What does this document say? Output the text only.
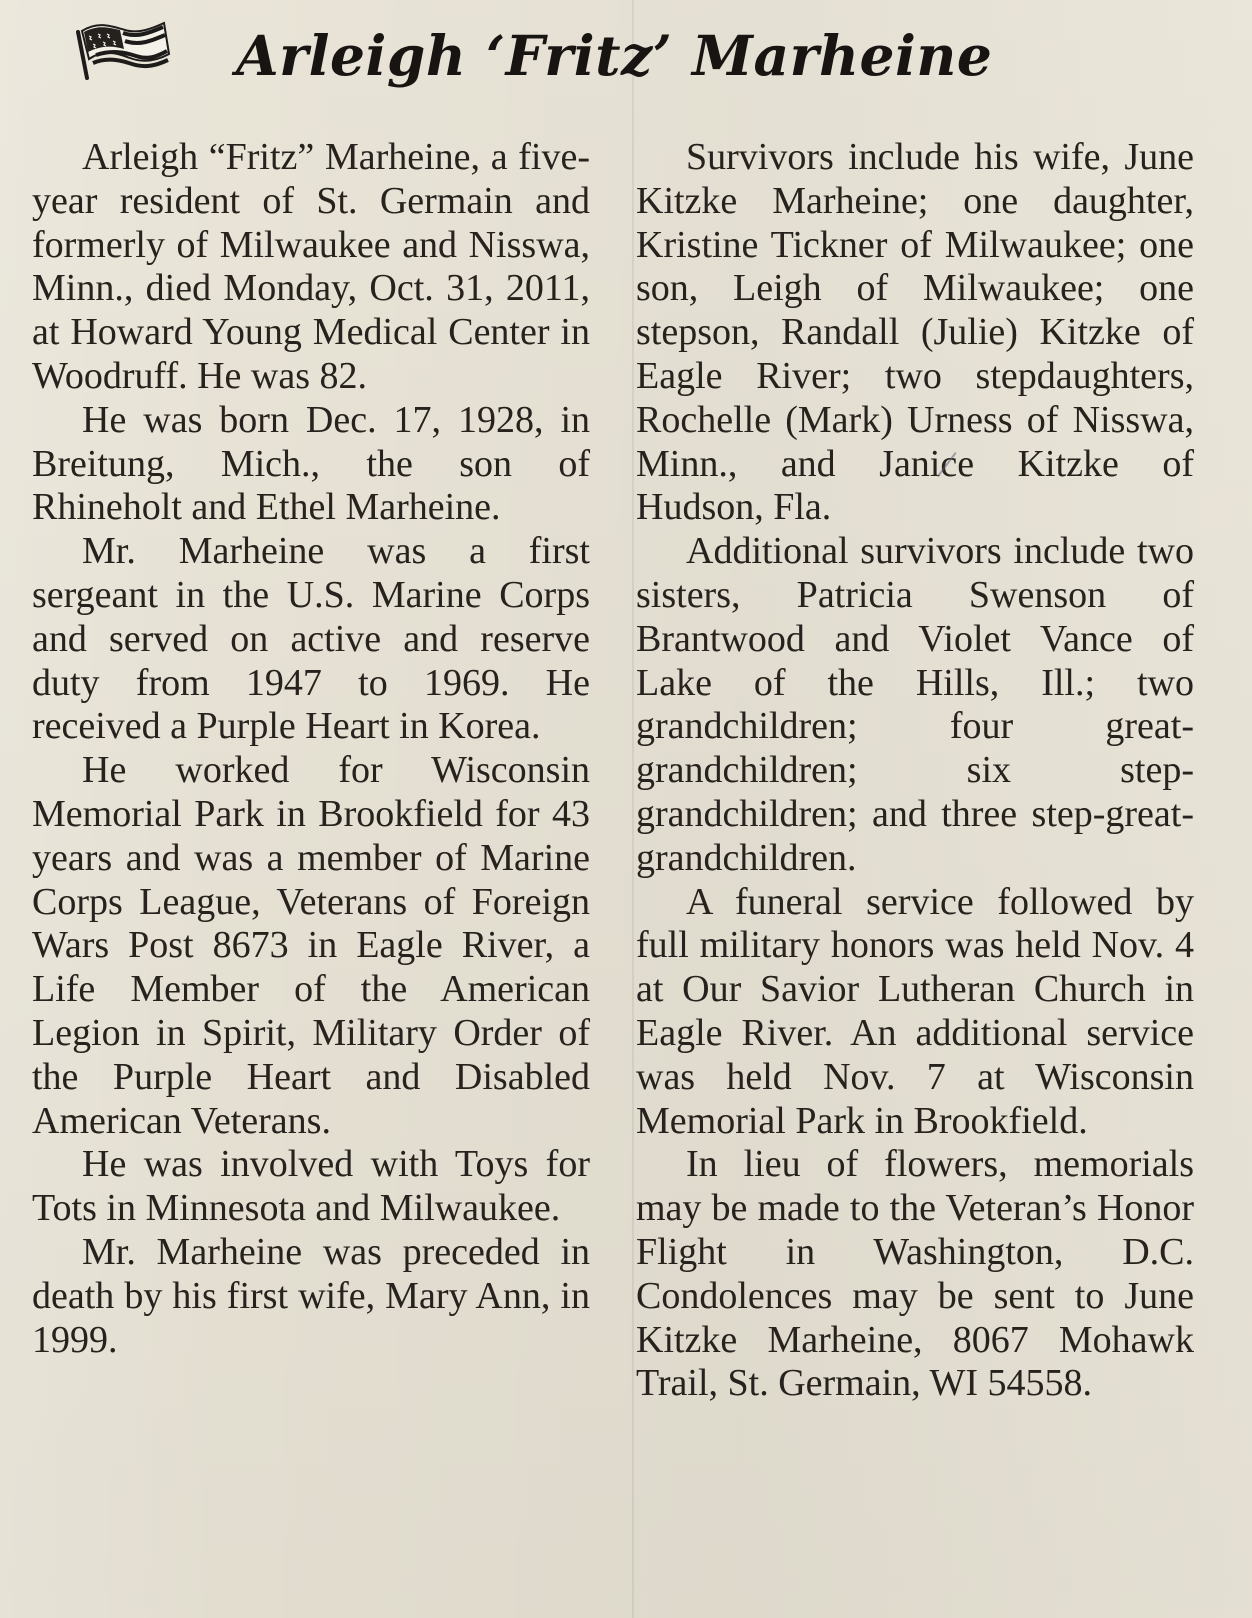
Arleigh ‘Fritz’ Marheine

Arleigh “Fritz” Marheine, a five-year resident of St. Germain and formerly of Milwaukee and Nisswa, Minn., died Monday, Oct. 31, 2011, at Howard Young Medical Center in Woodruff. He was 82.

He was born Dec. 17, 1928, in Breitung, Mich., the son of Rhineholt and Ethel Marheine.

Mr. Marheine was a first sergeant in the U.S. Marine Corps and served on active and reserve duty from 1947 to 1969. He received a Purple Heart in Korea.

He worked for Wisconsin Memorial Park in Brookfield for 43 years and was a member of Marine Corps League, Veterans of Foreign Wars Post 8673 in Eagle River, a Life Member of the American Legion in Spirit, Military Order of the Purple Heart and Disabled American Veterans.

He was involved with Toys for Tots in Minnesota and Milwaukee.

Mr. Marheine was preceded in death by his first wife, Mary Ann, in 1999.

Survivors include his wife, June Kitzke Marheine; one daughter, Kristine Tickner of Milwaukee; one son, Leigh of Milwaukee; one stepson, Randall (Julie) Kitzke of Eagle River; two stepdaughters, Rochelle (Mark) Urness of Nisswa, Minn., and Janice Kitzke of Hudson, Fla.

Additional survivors include two sisters, Patricia Swenson of Brantwood and Violet Vance of Lake of the Hills, Ill.; two grandchildren; four great-grandchildren; six step-grandchildren; and three step-great-grandchildren.

A funeral service followed by full military honors was held Nov. 4 at Our Savior Lutheran Church in Eagle River. An additional service was held Nov. 7 at Wisconsin Memorial Park in Brookfield.

In lieu of flowers, memorials may be made to the Veteran’s Honor Flight in Washington, D.C. Condolences may be sent to June Kitzke Marheine, 8067 Mohawk Trail, St. Germain, WI 54558.
